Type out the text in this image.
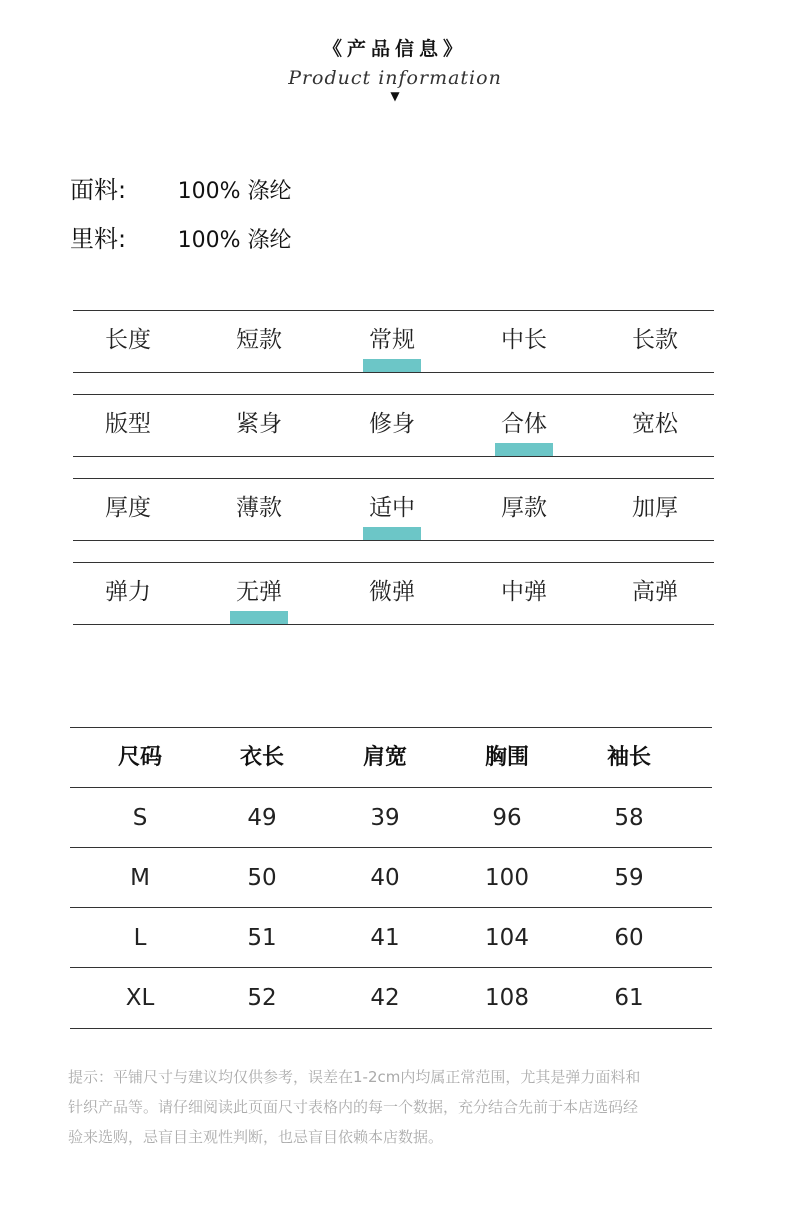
《产品信息》
Product information
▼
面料: 100% 涤纶
里料: 100% 涤纶
长度	短款	常规	中长	长款
版型	紧身	修身	合体	宽松
厚度	薄款	适中	厚款	加厚
弹力	无弹	微弹	中弹	高弹
尺码	衣长	肩宽	胸围	袖长
S	49	39	96	58
M	50	40	100	59
L	51	41	104	60
XL	52	42	108	61
提示：平铺尺寸与建议均仅供参考，误差在1-2cm内均属正常范围，尤其是弹力面料和
针织产品等。请仔细阅读此页面尺寸表格内的每一个数据，充分结合先前于本店选码经
验来选购，忌盲目主观性判断，也忌盲目依赖本店数据。
